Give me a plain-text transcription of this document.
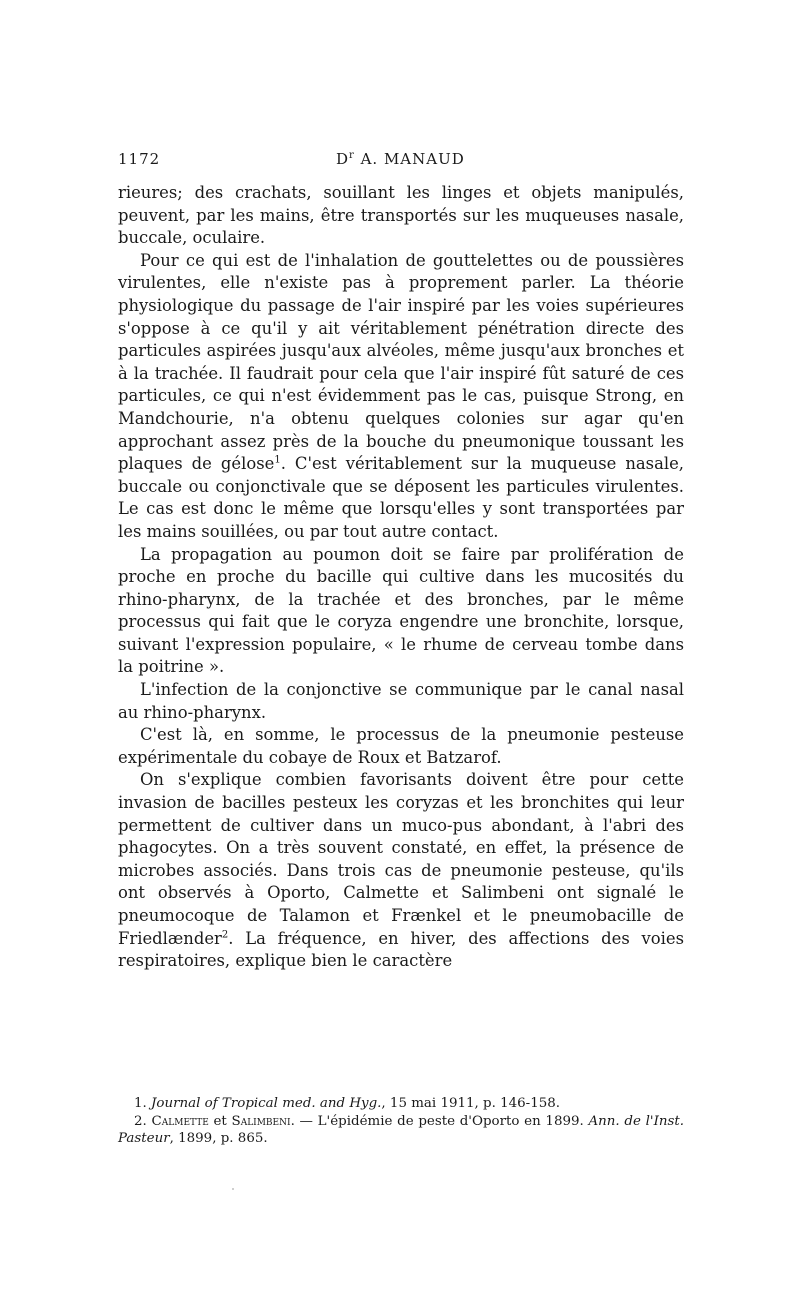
1172	$D^r$ A. MANAUD

rieures; des crachats, souillant les linges et objets manipulés, peuvent, par les mains, être transportés sur les muqueuses nasale, buccale, oculaire.

Pour ce qui est de l'inhalation de gouttelettes ou de poussières virulentes, elle n'existe pas à proprement parler. La théorie physiologique du passage de l'air inspiré par les voies supérieures s'oppose à ce qu'il y ait véritablement pénétration directe des particules aspirées jusqu'aux alvéoles, même jusqu'aux bronches et à la trachée. Il faudrait pour cela que l'air inspiré fût saturé de ces particules, ce qui n'est évidemment pas le cas, puisque Strong, en Mandchourie, n'a obtenu quelques colonies sur agar qu'en approchant assez près de la bouche du pneumonique toussant les plaques de gélose$^1$. C'est véritablement sur la muqueuse nasale, buccale ou conjonctivale que se déposent les particules virulentes. Le cas est donc le même que lorsqu'elles y sont transportées par les mains souillées, ou par tout autre contact.

La propagation au poumon doit se faire par prolifération de proche en proche du bacille qui cultive dans les mucosités du rhino-pharynx, de la trachée et des bronches, par le même processus qui fait que le coryza engendre une bronchite, lorsque, suivant l'expression populaire, « le rhume de cerveau tombe dans la poitrine ».

L'infection de la conjonctive se communique par le canal nasal au rhino-pharynx.

C'est là, en somme, le processus de la pneumonie pesteuse expérimentale du cobaye de Roux et Batzarof.

On s'explique combien favorisants doivent être pour cette invasion de bacilles pesteux les coryzas et les bronchites qui leur permettent de cultiver dans un muco-pus abondant, à l'abri des phagocytes. On a très souvent constaté, en effet, la présence de microbes associés. Dans trois cas de pneumonie pesteuse, qu'ils ont observés à Oporto, Calmette et Salimbeni ont signalé le pneumocoque de Talamon et Frænkel et le pneumobacille de Friedlænder$^2$. La fréquence, en hiver, des affections des voies respiratoires, explique bien le caractère

1. Journal of Tropical med. and Hyg., 15 mai 1911, p. 146-158.

2. Calmette et Salimbeni. — L'épidémie de peste d'Oporto en 1899. Ann. de l'Inst. Pasteur, 1899, p. 865.
